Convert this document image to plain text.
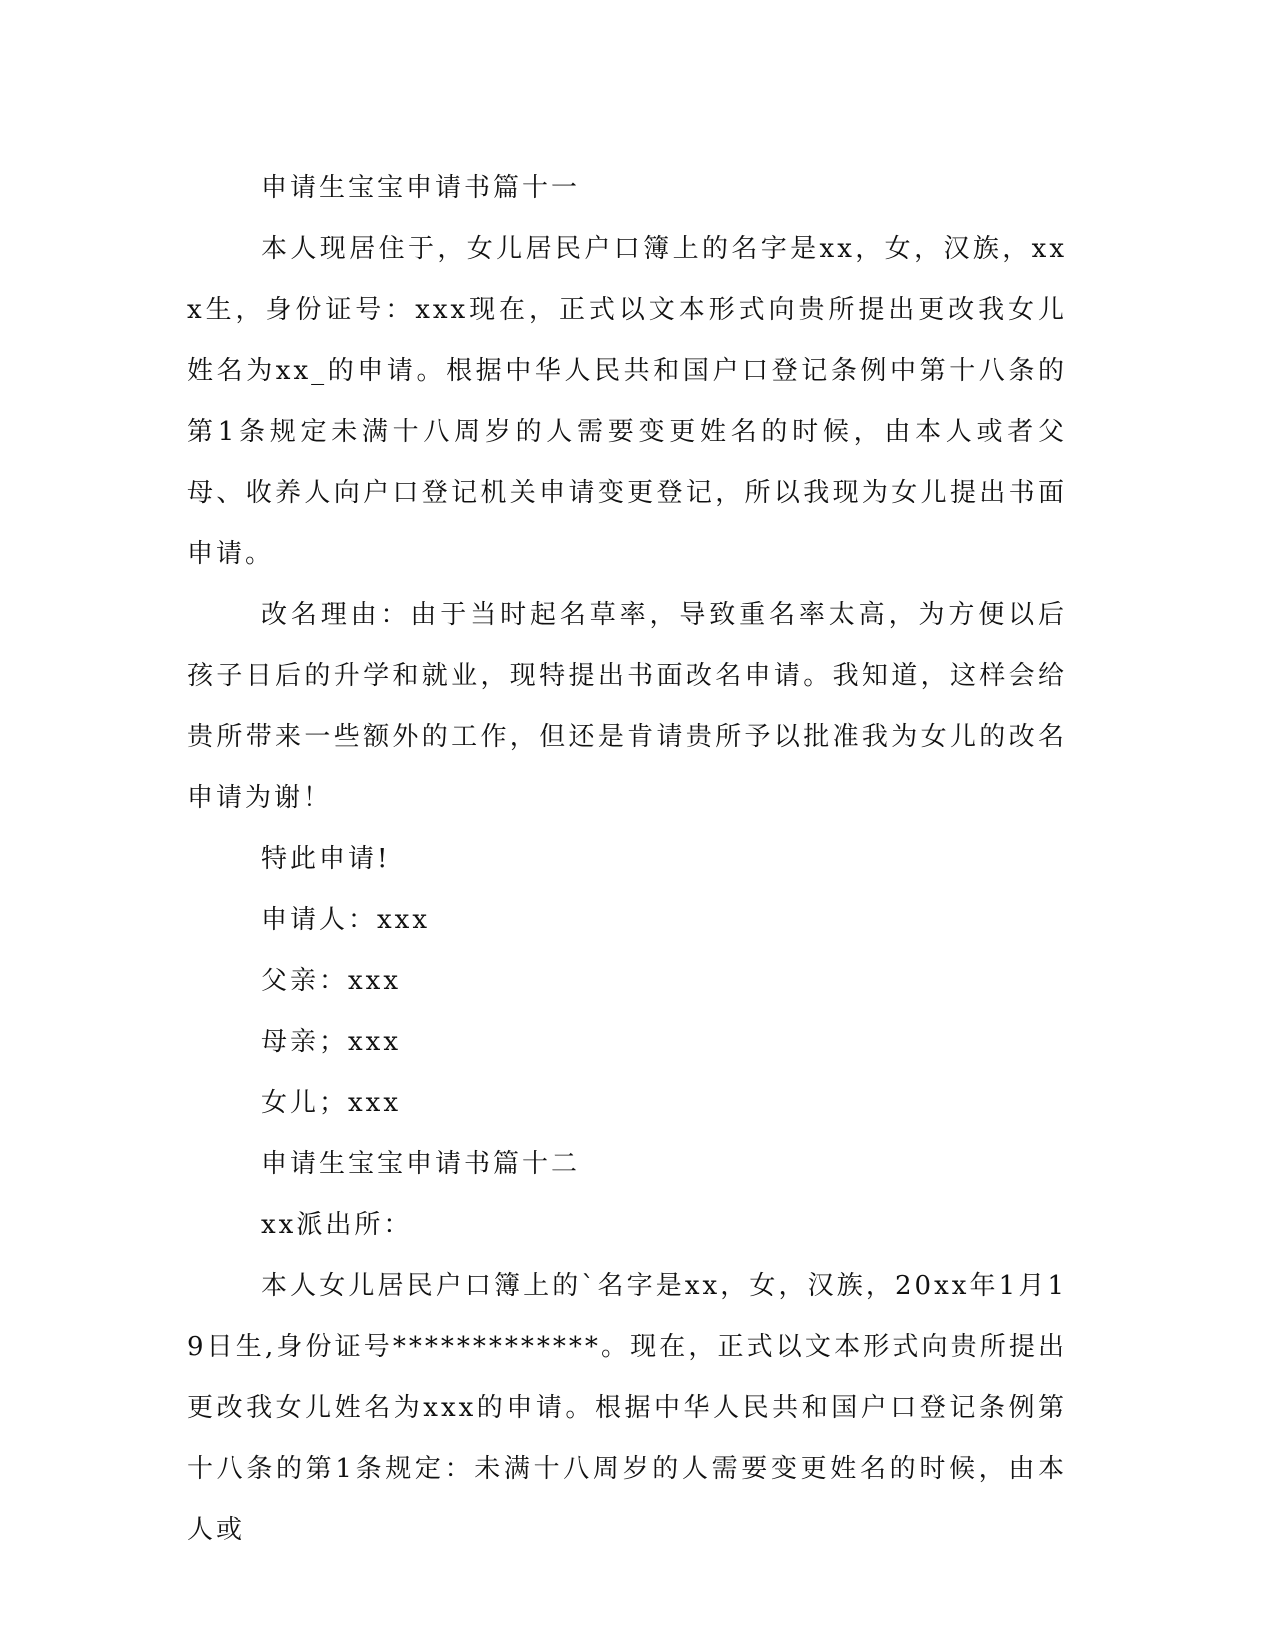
申请生宝宝申请书篇十一

本人现居住于，女儿居民户口簿上的名字是xx，女，汉族，xxx生，身份证号：xxx现在，正式以文本形式向贵所提出更改我女儿姓名为xx_的申请。根据中华人民共和国户口登记条例中第十八条的第1条规定未满十八周岁的人需要变更姓名的时候，由本人或者父母、收养人向户口登记机关申请变更登记，所以我现为女儿提出书面申请。

改名理由：由于当时起名草率，导致重名率太高，为方便以后孩子日后的升学和就业，现特提出书面改名申请。我知道，这样会给贵所带来一些额外的工作，但还是肯请贵所予以批准我为女儿的改名申请为谢！

特此申请!

申请人：xxx

父亲：xxx

母亲；xxx

女儿；xxx

申请生宝宝申请书篇十二

xx派出所：

本人女儿居民户口簿上的`名字是xx，女，汉族，20xx年1月19日生,身份证号*************。现在，正式以文本形式向贵所提出更改我女儿姓名为xxx的申请。根据中华人民共和国户口登记条例第十八条的第1条规定：未满十八周岁的人需要变更姓名的时候，由本人或
